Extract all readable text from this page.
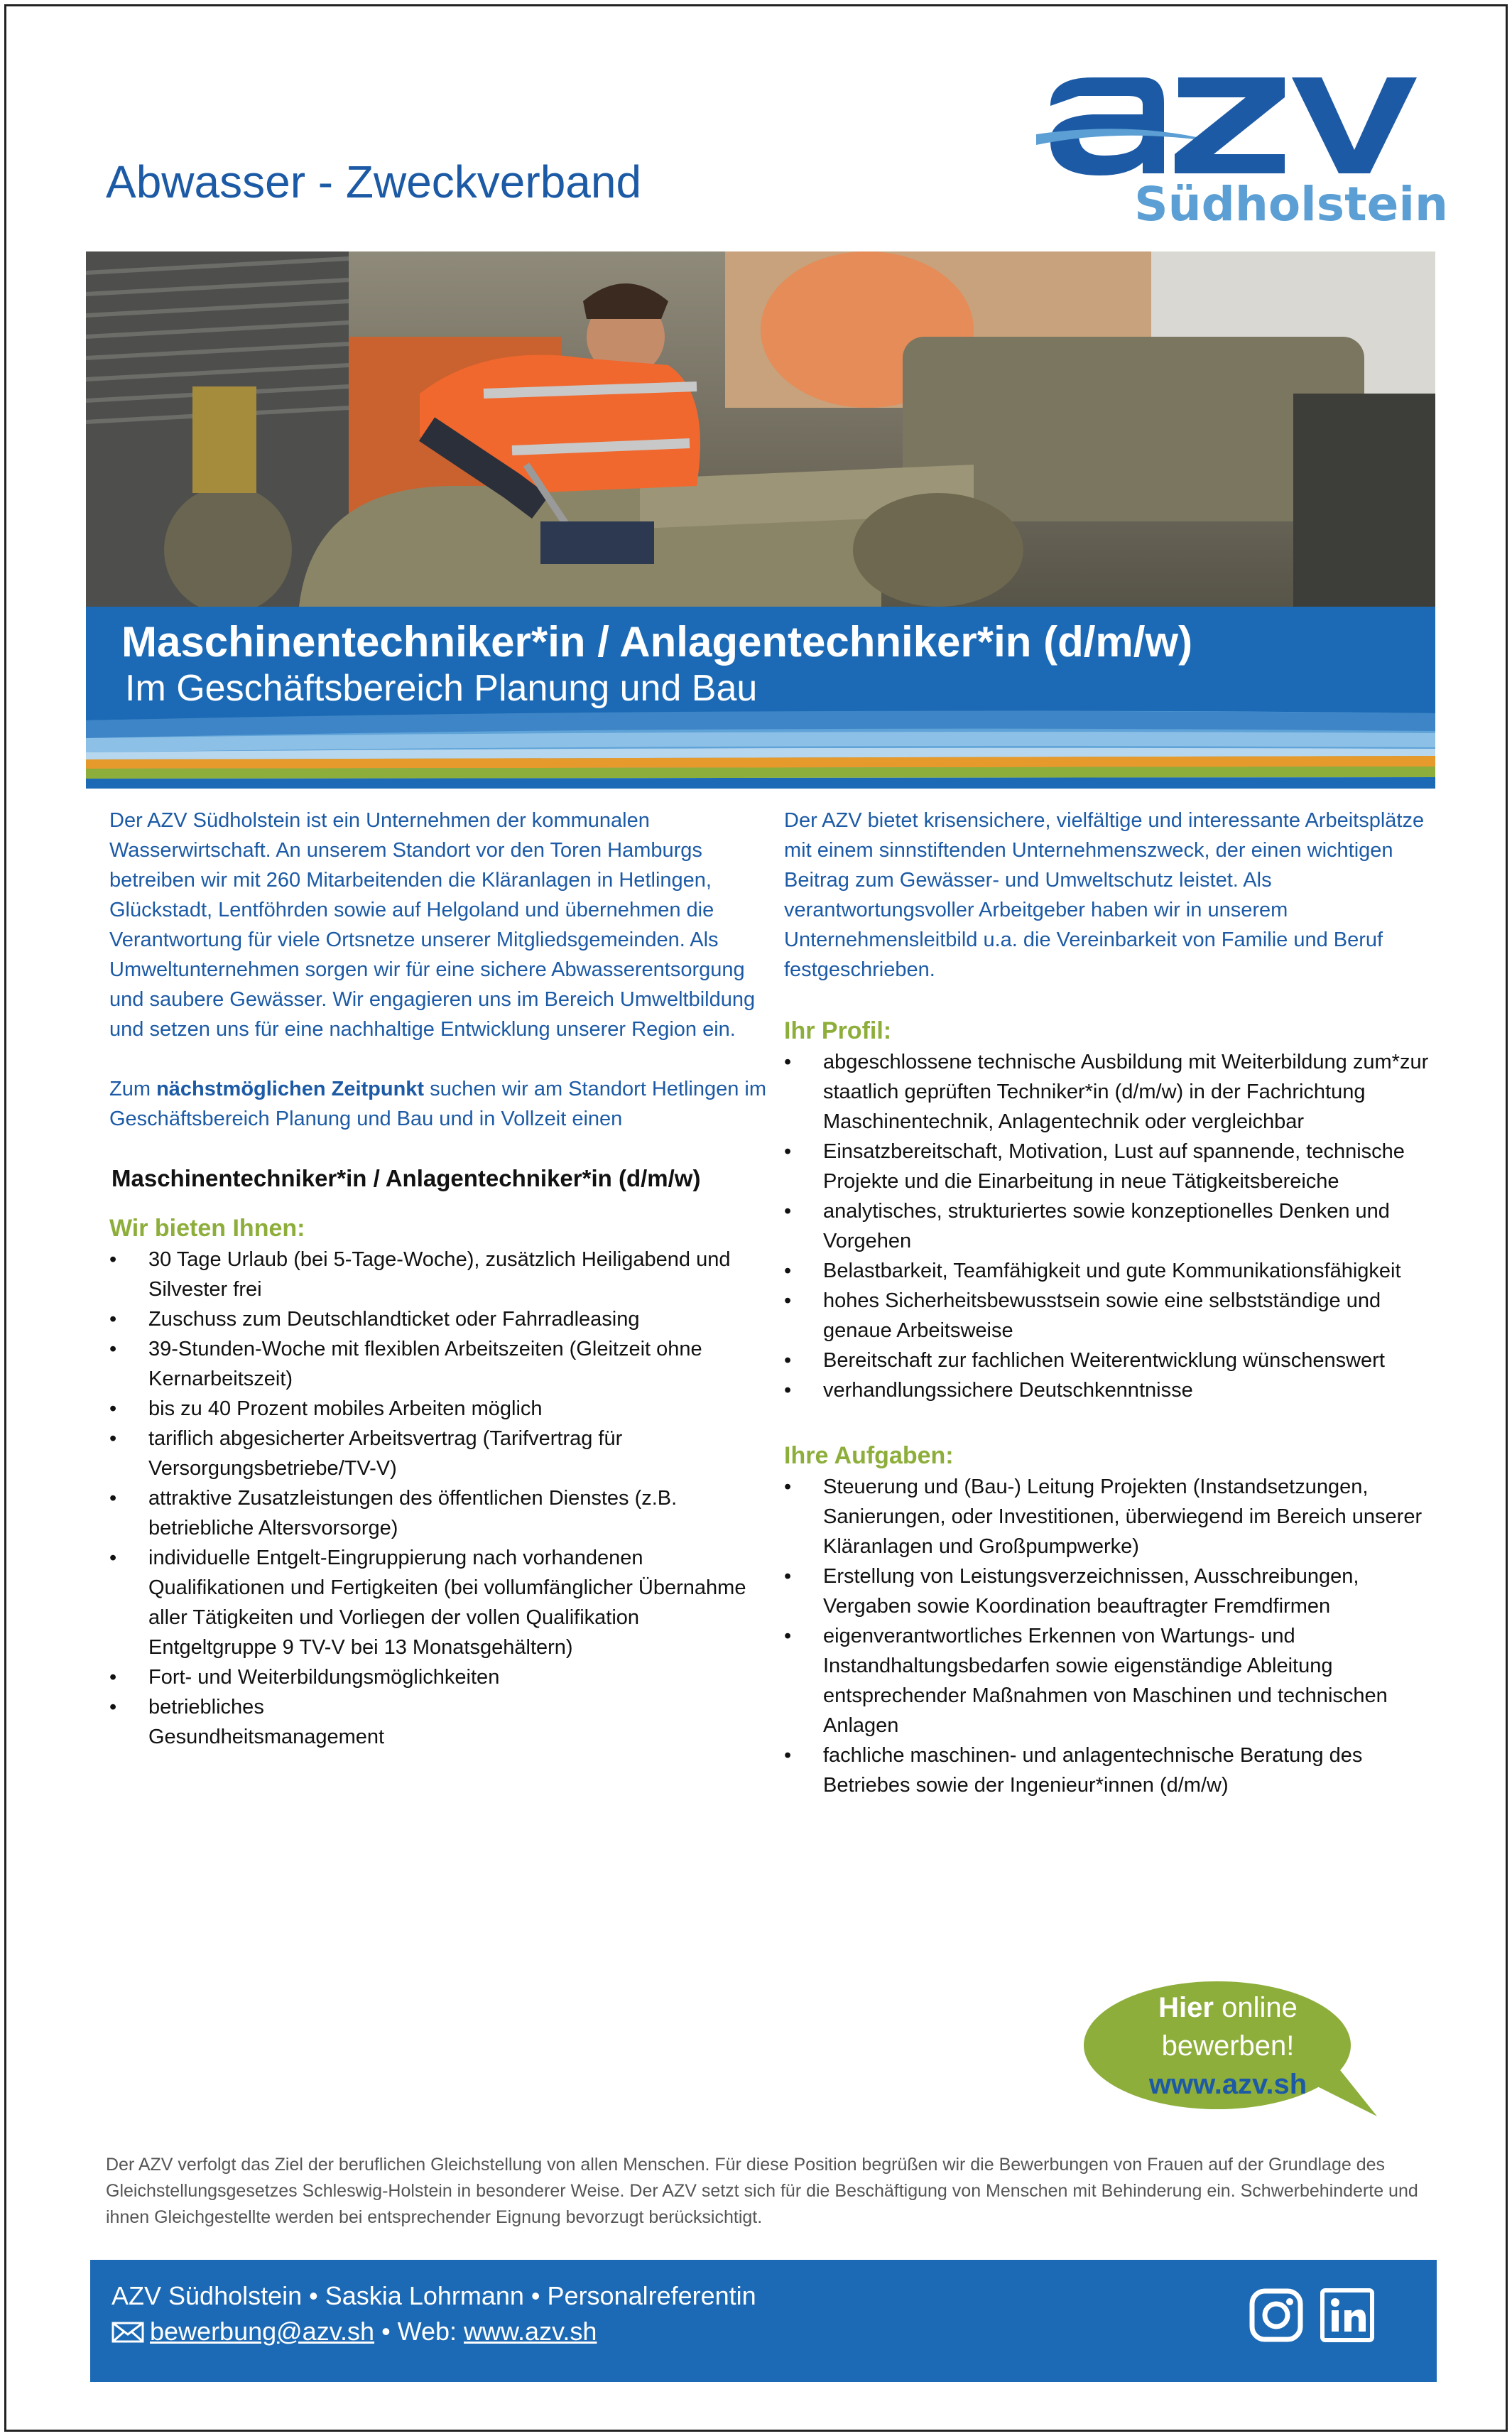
Abwasser - Zweckverband	Südholstein
Maschinentechniker*in / Anlagentechniker*in (d/m/w)
Im Geschäftsbereich Planung und Bau

Der AZV Südholstein ist ein Unternehmen der kommunalen Wasserwirtschaft. An unserem Standort vor den Toren Hamburgs betreiben wir mit 260 Mitarbeitenden die Kläranlagen in Hetlingen, Glückstadt, Lentföhrden sowie auf Helgoland und übernehmen die Verantwortung für viele Ortsnetze unserer Mitgliedsgemeinden. Als Umweltunternehmen sorgen wir für eine sichere Abwasserentsorgung und saubere Gewässer. Wir engagieren uns im Bereich Umweltbildung und setzen uns für eine nachhaltige Entwicklung unserer Region ein.

Zum nächstmöglichen Zeitpunkt suchen wir am Standort Hetlingen im Geschäftsbereich Planung und Bau und in Vollzeit einen

Maschinentechniker*in / Anlagentechniker*in (d/m/w)
Wir bieten Ihnen:
• 30 Tage Urlaub (bei 5-Tage-Woche), zusätzlich Heiligabend und Silvester frei
• Zuschuss zum Deutschlandticket oder Fahrradleasing
• 39-Stunden-Woche mit flexiblen Arbeitszeiten (Gleitzeit ohne Kernarbeitszeit)
• bis zu 40 Prozent mobiles Arbeiten möglich
• tariflich abgesicherter Arbeitsvertrag (Tarifvertrag für Versorgungsbetriebe/TV-V)
• attraktive Zusatzleistungen des öffentlichen Dienstes (z.B. betriebliche Altersvorsorge)
• individuelle Entgelt-Eingruppierung nach vorhandenen Qualifikationen und Fertigkeiten (bei vollumfänglicher Übernahme aller Tätigkeiten und Vorliegen der vollen Qualifikation Entgeltgruppe 9 TV-V bei 13 Monatsgehältern)
• Fort- und Weiterbildungsmöglichkeiten
• betriebliches Gesundheitsmanagement

Der AZV bietet krisensichere, vielfältige und interessante Arbeitsplätze mit einem sinnstiftenden Unternehmenszweck, der einen wichtigen Beitrag zum Gewässer- und Umweltschutz leistet. Als verantwortungsvoller Arbeitgeber haben wir in unserem Unternehmensleitbild u.a. die Vereinbarkeit von Familie und Beruf festgeschrieben.

Ihr Profil:
• abgeschlossene technische Ausbildung mit Weiterbildung zum*zur staatlich geprüften Techniker*in (d/m/w) in der Fachrichtung Maschinentechnik, Anlagentechnik oder vergleichbar
• Einsatzbereitschaft, Motivation, Lust auf spannende, technische Projekte und die Einarbeitung in neue Tätigkeitsbereiche
• analytisches, strukturiertes sowie konzeptionelles Denken und Vorgehen
• Belastbarkeit, Teamfähigkeit und gute Kommunikationsfähigkeit
• hohes Sicherheitsbewusstsein sowie eine selbstständige und genaue Arbeitsweise
• Bereitschaft zur fachlichen Weiterentwicklung wünschenswert
• verhandlungssichere Deutschkenntnisse
Ihre Aufgaben:
• Steuerung und (Bau-) Leitung Projekten (Instandsetzungen, Sanierungen, oder Investitionen, überwiegend im Bereich unserer Kläranlagen und Großpumpwerke)
• Erstellung von Leistungsverzeichnissen, Ausschreibungen, Vergaben sowie Koordination beauftragter Fremdfirmen
• eigenverantwortliches Erkennen von Wartungs- und Instandhaltungsbedarfen sowie eigenständige Ableitung entsprechender Maßnahmen von Maschinen und technischen Anlagen
• fachliche maschinen- und anlagentechnische Beratung des Betriebes sowie der Ingenieur*innen (d/m/w)
Hier online
bewerben!
www.azv.sh
Der AZV verfolgt das Ziel der beruflichen Gleichstellung von allen Menschen. Für diese Position begrüßen wir die Bewerbungen von Frauen auf der Grundlage des Gleichstellungsgesetzes Schleswig-Holstein in besonderer Weise. Der AZV setzt sich für die Beschäftigung von Menschen mit Behinderung ein. Schwerbehinderte und ihnen Gleichgestellte werden bei entsprechender Eignung bevorzugt berücksichtigt.
AZV Südholstein • Saskia Lohrmann • Personalreferentin
bewerbung@azv.sh • Web: www.azv.sh
